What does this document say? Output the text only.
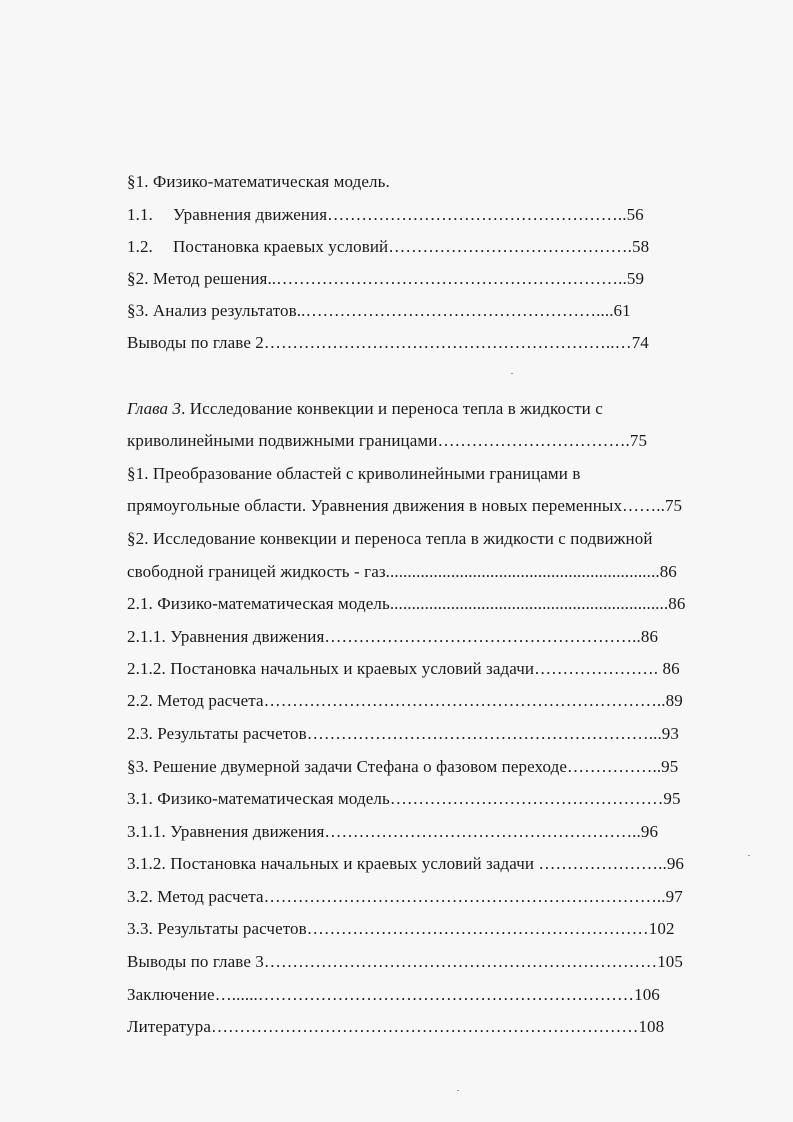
§1. Физико-математическая модель.
1.1. Уравнения движения……………………………………………..56
1.2. Постановка краевых условий…………………………………….58
§2. Метод решения..……………………………………………………..59
§3. Анализ результатов..……………………………………………....61
Выводы по главе 2……………………………………………………..…74
Глава 3. Исследование конвекции и переноса тепла в жидкости с
криволинейными подвижными границами…………………………….75
§1. Преобразование областей с криволинейными границами в
прямоугольные области. Уравнения движения в новых переменных……..75
§2. Исследование конвекции и переноса тепла в жидкости с подвижной
свободной границей жидкость - газ...............................................................86
2.1. Физико-математическая модель................................................................86
2.1.1. Уравнения движения………………………………………………..86
2.1.2. Постановка начальных и краевых условий задачи…………………. 86
2.2. Метод расчета……………………………………………………………..89
2.3. Результаты расчетов……………………………………………………...93
§3. Решение двумерной задачи Стефана о фазовом переходе……………..95
3.1. Физико-математическая модель…………………………………………95
3.1.1. Уравнения движения………………………………………………..96
3.1.2. Постановка начальных и краевых условий задачи …………………..96
3.2. Метод расчета……………………………………………………………..97
3.3. Результаты расчетов……………………………………………………102
Выводы по главе 3……………………………………………………………105
Заключение…......…………………………………………………………106
Литература…………………………………………………………………108
